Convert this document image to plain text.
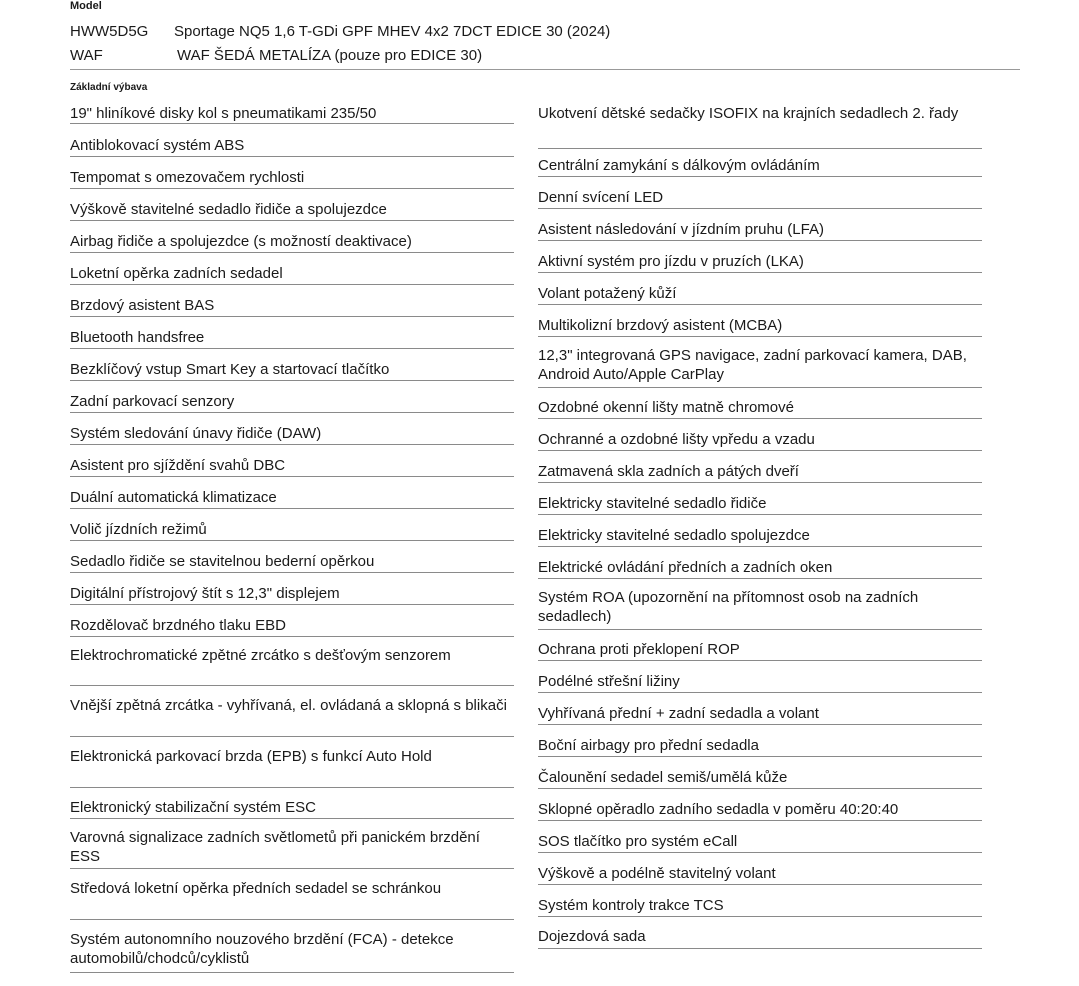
Model
HWW5D5G Sportage NQ5 1,6 T-GDi GPF MHEV 4x2 7DCT EDICE 30 (2024)
WAF	WAF ŠEDÁ METALÍZA (pouze pro EDICE 30)
Základní výbava
19" hliníkové disky kol s pneumatikami 235/50
Antiblokovací systém ABS
Tempomat s omezovačem rychlosti
Výškově stavitelné sedadlo řidiče a spolujezdce
Airbag řidiče a spolujezdce (s možností deaktivace)
Loketní opěrka zadních sedadel
Brzdový asistent BAS
Bluetooth handsfree
Bezklíčový vstup Smart Key a startovací tlačítko
Zadní parkovací senzory
Systém sledování únavy řidiče (DAW)
Asistent pro sjíždění svahů DBC
Duální automatická klimatizace
Volič jízdních režimů
Sedadlo řidiče se stavitelnou bederní opěrkou
Digitální přístrojový štít s 12,3" displejem
Rozdělovač brzdného tlaku EBD
Elektrochromatické zpětné zrcátko s dešťovým senzorem
Vnější zpětná zrcátka - vyhřívaná, el. ovládaná a sklopná s blikači
Elektronická parkovací brzda (EPB) s funkcí Auto Hold
Elektronický stabilizační systém ESC
Varovná signalizace zadních světlometů při panickém brzdění ESS
Středová loketní opěrka předních sedadel se schránkou
Systém autonomního nouzového brzdění (FCA) - detekce automobilů/chodců/cyklistů
Ukotvení dětské sedačky ISOFIX na krajních sedadlech 2. řady
Centrální zamykání s dálkovým ovládáním
Denní svícení LED
Asistent následování v jízdním pruhu (LFA)
Aktivní systém pro jízdu v pruzích (LKA)
Volant potažený kůží
Multikolizní brzdový asistent (MCBA)
12,3" integrovaná GPS navigace, zadní parkovací kamera, DAB, Android Auto/Apple CarPlay
Ozdobné okenní lišty matně chromové
Ochranné a ozdobné lišty vpředu a vzadu
Zatmavená skla zadních a pátých dveří
Elektricky stavitelné sedadlo řidiče
Elektricky stavitelné sedadlo spolujezdce
Elektrické ovládání předních a zadních oken
Systém ROA (upozornění na přítomnost osob na zadních sedadlech)
Ochrana proti překlopení ROP
Podélné střešní ližiny
Vyhřívaná přední + zadní sedadla a volant
Boční airbagy pro přední sedadla
Čalounění sedadel semiš/umělá kůže
Sklopné opěradlo zadního sedadla v poměru 40:20:40
SOS tlačítko pro systém eCall
Výškově a podélně stavitelný volant
Systém kontroly trakce TCS
Dojezdová sada
